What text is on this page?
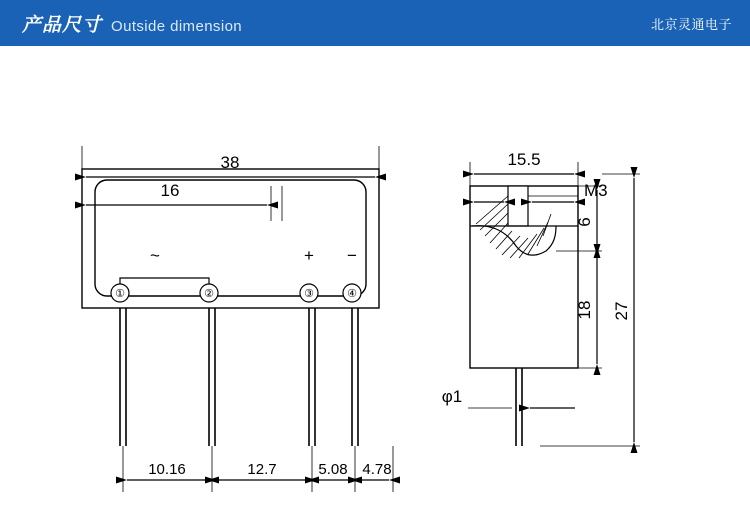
产品尺寸 Outside dimension	北京灵通电子
①	②	③	④
~	+ −
38
16
10.16	12.7	5.08 4.78
15.5
M3
6
18 27
φ1
